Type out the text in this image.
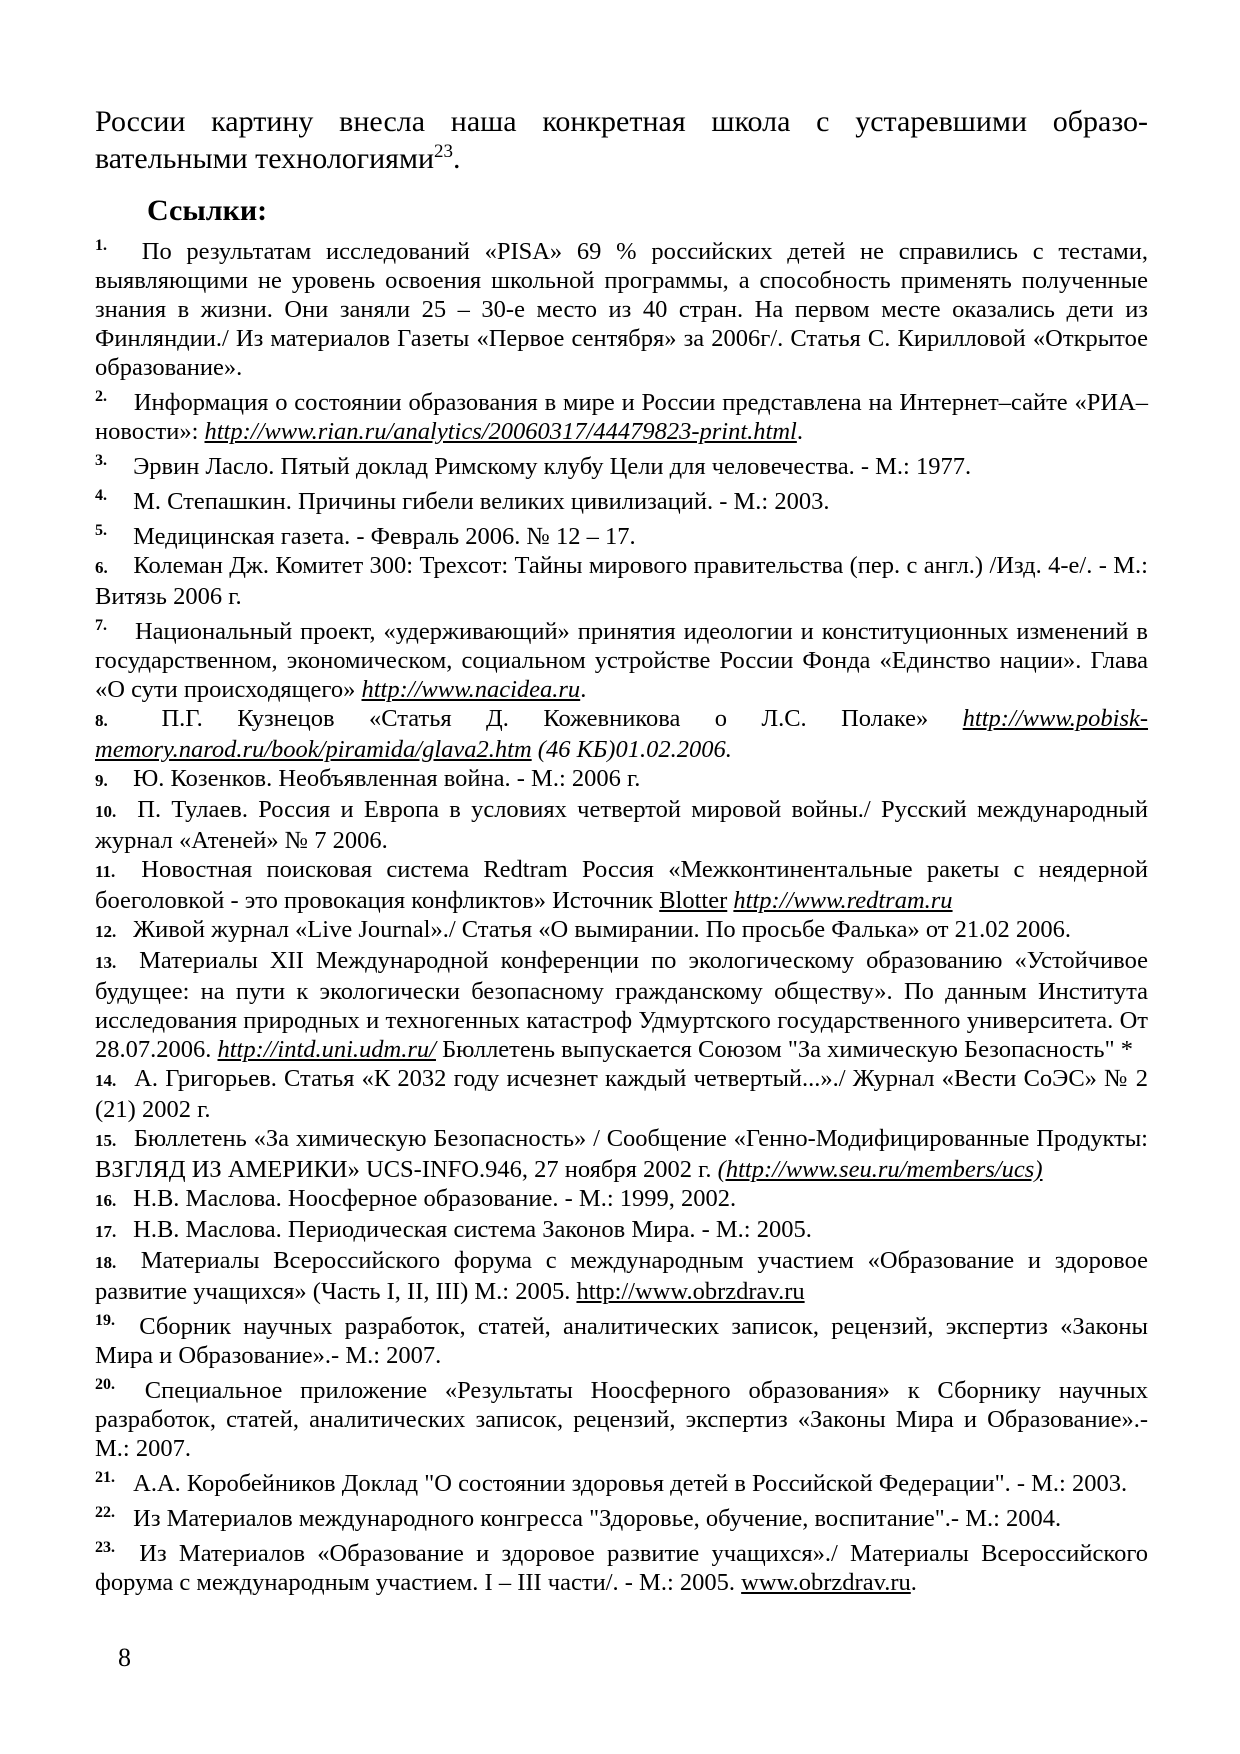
России картину внесла наша конкретная школа с устаревшими образо-вательными технологиями$^{23}$.
Ссылки:

1. По результатам исследований «PISA» 69 % российских детей не справились с тестами, выявляющими не уровень освоения школьной программы, а способность применять полученные знания в жизни. Они заняли 25 – 30-е место из 40 стран. На первом месте оказались дети из Финляндии./ Из материалов Газеты «Первое сентября» за 2006г/. Статья С. Кирилловой «Открытое образование».

2. Информация о состоянии образования в мире и России представлена на Интернет–сайте «РИА–новости»: http://www.rian.ru/analytics/20060317/44479823-print.html.

3. Эрвин Ласло. Пятый доклад Римскому клубу Цели для человечества. - М.: 1977.

4. М. Степашкин. Причины гибели великих цивилизаций. - М.: 2003.

5. Медицинская газета. - Февраль 2006. № 12 – 17.

6. Колеман Дж. Комитет 300: Трехсот: Тайны мирового правительства (пер. с англ.) /Изд. 4-е/. - М.: Витязь 2006 г.

7. Национальный проект, «удерживающий» принятия идеологии и конституционных изменений в государственном, экономическом, социальном устройстве России Фонда «Единство нации». Глава «О сути происходящего» http://www.nacidea.ru.

8. П.Г. Кузнецов «Статья Д. Кожевникова о Л.С. Полаке» http://www.pobisk-memory.narod.ru/book/piramida/glava2.htm (46 КБ)01.02.2006.

9. Ю. Козенков. Необъявленная война. - М.: 2006 г.

10. П. Тулаев. Россия и Европа в условиях четвертой мировой войны./ Русский международный журнал «Атеней» № 7 2006.

11. Новостная поисковая система Redtram Россия «Межконтинентальные ракеты с неядерной боеголовкой - это провокация конфликтов» Источник Blotter http://www.redtram.ru

12. Живой журнал «Live Journal»./ Статья «О вымирании. По просьбе Фалька» от 21.02 2006.

13. Материалы XII Международной конференции по экологическому образованию «Устойчивое будущее: на пути к экологически безопасному гражданскому обществу». По данным Института исследования природных и техногенных катастроф Удмуртского государственного университета. От 28.07.2006. http://intd.uni.udm.ru/ Бюллетень выпускается Союзом "За химическую Безопасность" *

14. А. Григорьев. Статья «К 2032 году исчезнет каждый четвертый...»./ Журнал «Вести СоЭС» № 2 (21) 2002 г.

15. Бюллетень «За химическую Безопасность» / Сообщение «Генно-Модифицированные Продукты: ВЗГЛЯД ИЗ АМЕРИКИ» UCS-INFO.946, 27 ноября 2002 г. (http://www.seu.ru/members/ucs)

16. Н.В. Маслова. Ноосферное образование. - М.: 1999, 2002.

17. Н.В. Маслова. Периодическая система Законов Мира. - М.: 2005.

18. Материалы Всероссийского форума с международным участием «Образование и здоровое развитие учащихся» (Часть I, II, III) М.: 2005. http://www.obrzdrav.ru

19. Сборник научных разработок, статей, аналитических записок, рецензий, экспертиз «Законы Мира и Образование».- М.: 2007.

20. Специальное приложение «Результаты Ноосферного образования» к Сборнику научных разработок, статей, аналитических записок, рецензий, экспертиз «Законы Мира и Образование».- М.: 2007.

21. А.А. Коробейников Доклад "О состоянии здоровья детей в Российской Федерации". - М.: 2003.

22. Из Материалов международного конгресса "Здоровье, обучение, воспитание".- М.: 2004.

23. Из Материалов «Образование и здоровое развитие учащихся»./ Материалы Всероссийского форума с международным участием. I – III части/. - М.: 2005. www.obrzdrav.ru.

8
